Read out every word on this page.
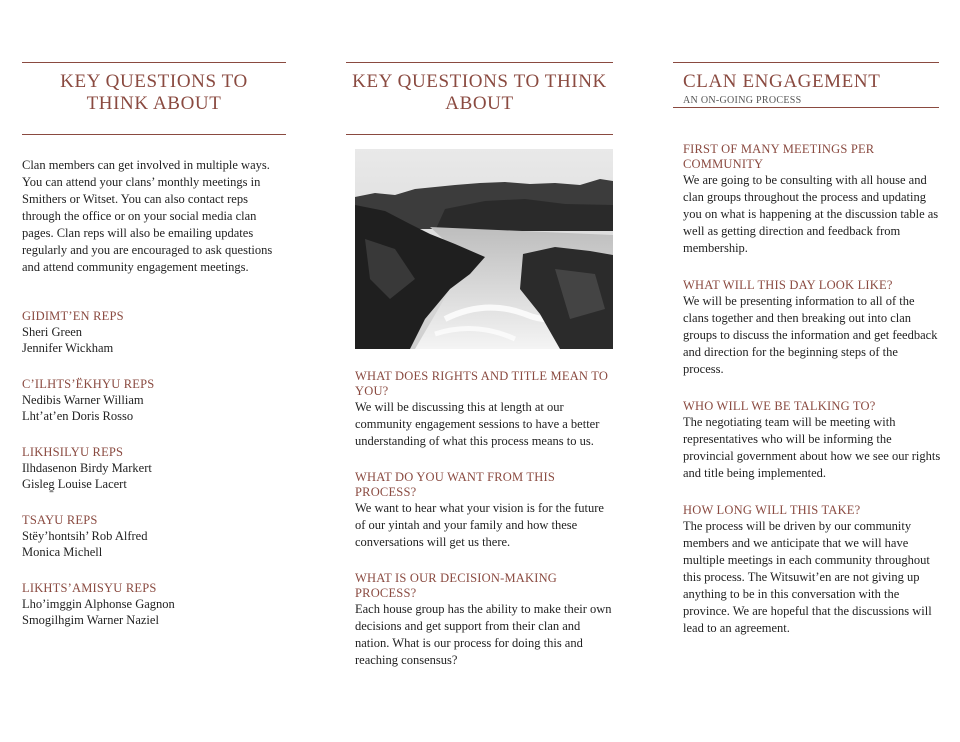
KEY QUESTIONS TO THINK ABOUT
Clan members can get involved in multiple ways. You can attend your clans’ monthly meetings in Smithers or Witset. You can also contact reps through the office or on your social media clan pages. Clan reps will also be emailing updates regularly and you are encouraged to ask questions and attend community engagement meetings.
GIDIMT’EN REPS
Sheri Green
Jennifer Wickham
C’ILHTS’ËKHYU REPS
Nedibis Warner William
Lht’at’en Doris Rosso
LIKHSILYU REPS
Ilhdasenon Birdy Markert
Gisleg̱ Louise Lacert
TSAYU REPS
Stëy’hontsih’ Rob Alfred
Monica Michell
LIKHTS’AMISYU REPS
Lho’imggin Alphonse Gagnon
Smogilhgim Warner Naziel
KEY QUESTIONS TO THINK ABOUT
WHAT DOES RIGHTS AND TITLE MEAN TO YOU?
We will be discussing this at length at our community engagement sessions to have a better understanding of what this process means to us.
WHAT DO YOU WANT FROM THIS PROCESS?
We want to hear what your vision is for the future of our yintah and your family and how these conversations will get us there.
WHAT IS OUR DECISION-MAKING PROCESS?
Each house group has the ability to make their own decisions and get support from their clan and nation. What is our process for doing this and reaching consensus?
CLAN ENGAGEMENT
AN ON-GOING PROCESS
FIRST OF MANY MEETINGS PER COMMUNITY
We are going to be consulting with all house and clan groups throughout the process and updating you on what is happening at the discussion table as well as getting direction and feedback from membership.
WHAT WILL THIS DAY LOOK LIKE?
We will be presenting information to all of the clans together and then breaking out into clan groups to discuss the information and get feedback and direction for the beginning steps of the process.
WHO WILL WE BE TALKING TO?
The negotiating team will be meeting with representatives who will be informing the provincial government about how we see our rights and title being implemented.
HOW LONG WILL THIS TAKE?
The process will be driven by our community members and we anticipate that we will have multiple meetings in each community throughout this process. The Witsuwit’en are not giving up anything to be in this conversation with the province. We are hopeful that the discussions will lead to an agreement.
